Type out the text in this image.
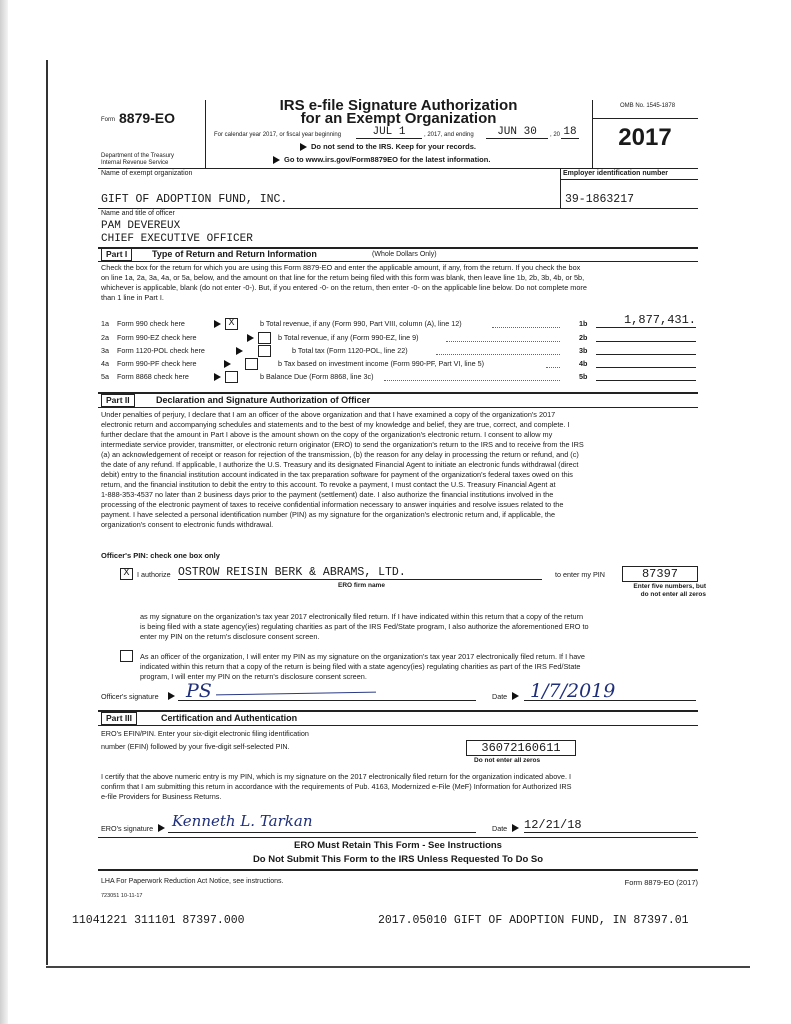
Form 8879-EO
Department of the Treasury
Internal Revenue Service
IRS e-file Signature Authorization
for an Exempt Organization
For calendar year 2017, or fiscal year beginning	JUL 1	, 2017, and ending	JUN 30	, 20 18
Do not send to the IRS. Keep for your records.
Go to www.irs.gov/Form8879EO for the latest information.
OMB No. 1545-1878
2017
Name of exempt organization	Employer identification number
GIFT OF ADOPTION FUND, INC.	39-1863217
Name and title of officer
PAM DEVEREUX
CHIEF EXECUTIVE OFFICER
Part I	Type of Return and Return Information	(Whole Dollars Only)
Check the box for the return for which you are using this Form 8879-EO and enter the applicable amount, if any, from the return. If you check the box
on line 1a, 2a, 3a, 4a, or 5a, below, and the amount on that line for the return being filed with this form was blank, then leave line 1b, 2b, 3b, 4b, or 5b,
whichever is applicable, blank (do not enter -0-). But, if you entered -0- on the return, then enter -0- on the applicable line below. Do not complete more
than 1 line in Part I.
1a Form 990 check here	X	b Total revenue, if any (Form 990, Part VIII, column (A), line 12)	1b	1,877,431.
2a Form 990-EZ check here	b Total revenue, if any (Form 990-EZ, line 9)	2b
3a Form 1120-POL check here	b Total tax (Form 1120-POL, line 22)	3b
4a Form 990-PF check here	b Tax based on investment income (Form 990-PF, Part VI, line 5)	4b
5a Form 8868 check here	b Balance Due (Form 8868, line 3c)	5b
Part II	Declaration and Signature Authorization of Officer
Under penalties of perjury, I declare that I am an officer of the above organization and that I have examined a copy of the organization's 2017
electronic return and accompanying schedules and statements and to the best of my knowledge and belief, they are true, correct, and complete. I
further declare that the amount in Part I above is the amount shown on the copy of the organization's electronic return. I consent to allow my
intermediate service provider, transmitter, or electronic return originator (ERO) to send the organization's return to the IRS and to receive from the IRS
(a) an acknowledgement of receipt or reason for rejection of the transmission, (b) the reason for any delay in processing the return or refund, and (c)
the date of any refund. If applicable, I authorize the U.S. Treasury and its designated Financial Agent to initiate an electronic funds withdrawal (direct
debit) entry to the financial institution account indicated in the tax preparation software for payment of the organization's federal taxes owed on this
return, and the financial institution to debit the entry to this account. To revoke a payment, I must contact the U.S. Treasury Financial Agent at
1-888-353-4537 no later than 2 business days prior to the payment (settlement) date. I also authorize the financial institutions involved in the
processing of the electronic payment of taxes to receive confidential information necessary to answer inquiries and resolve issues related to the
payment. I have selected a personal identification number (PIN) as my signature for the organization's electronic return and, if applicable, the
organization's consent to electronic funds withdrawal.
Officer's PIN: check one box only
X	I authorize OSTROW REISIN BERK & ABRAMS, LTD.
ERO firm name
to enter my PIN	87397
Enter five numbers, but
do not enter all zeros
as my signature on the organization's tax year 2017 electronically filed return. If I have indicated within this return that a copy of the return
is being filed with a state agency(ies) regulating charities as part of the IRS Fed/State program, I also authorize the aforementioned ERO to
enter my PIN on the return's disclosure consent screen.
As an officer of the organization, I will enter my PIN as my signature on the organization's tax year 2017 electronically filed return. If I have
indicated within this return that a copy of the return is being filed with a state agency(ies) regulating charities as part of the IRS Fed/State
program, I will enter my PIN on the return's disclosure consent screen.
Officer's signature PS	Date 1/7/2019
Part III	Certification and Authentication
ERO's EFIN/PIN. Enter your six-digit electronic filing identification
number (EFIN) followed by your five-digit self-selected PIN.	36072160611
Do not enter all zeros
I certify that the above numeric entry is my PIN, which is my signature on the 2017 electronically filed return for the organization indicated above. I
confirm that I am submitting this return in accordance with the requirements of Pub. 4163, Modernized e-File (MeF) Information for Authorized IRS
e-file Providers for Business Returns.
ERO's signature Kenneth L. Tarkan	Date 12/21/18
ERO Must Retain This Form - See Instructions
Do Not Submit This Form to the IRS Unless Requested To Do So
LHA For Paperwork Reduction Act Notice, see instructions.	Form 8879-EO (2017)
723051 10-11-17
11041221 311101 87397.000	2017.05010 GIFT OF ADOPTION FUND, IN 87397.01
